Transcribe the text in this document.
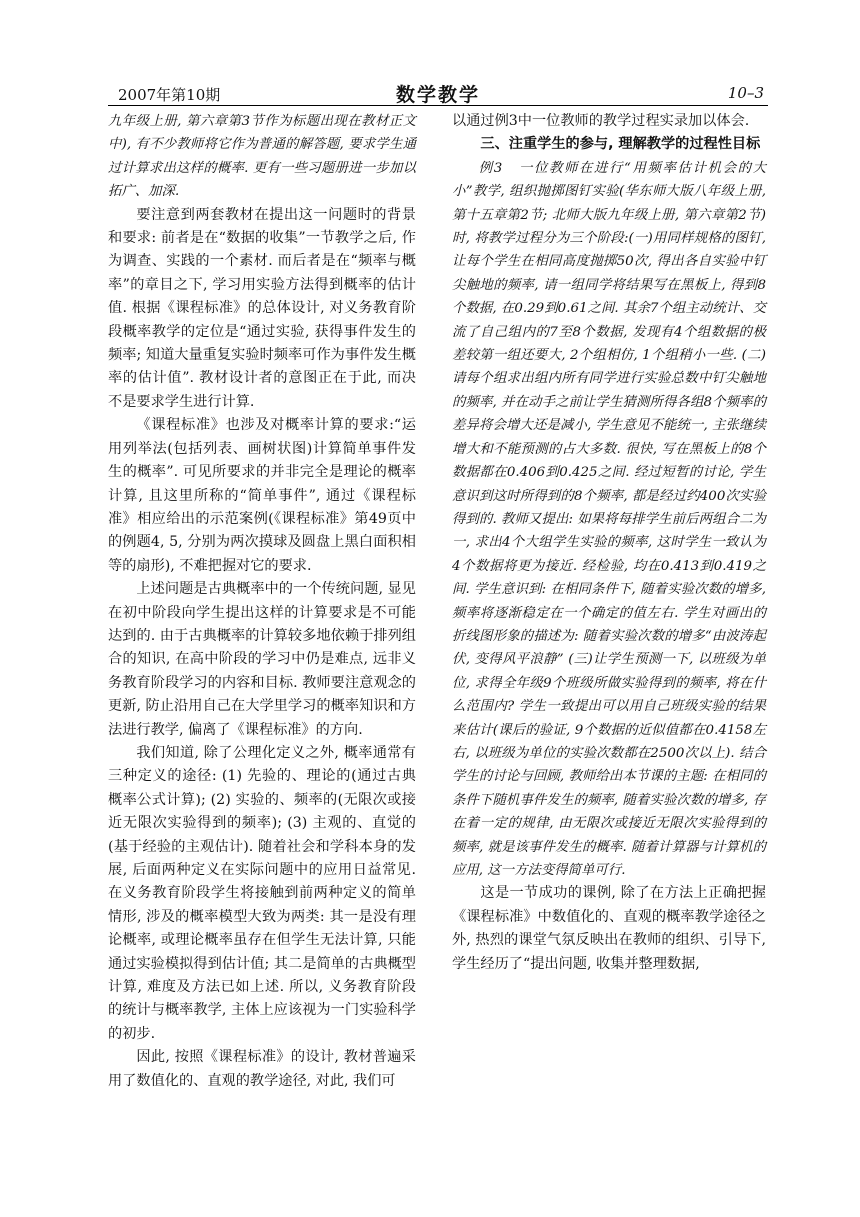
2007年第10期	数学教学	10–3

九年级上册, 第六章第3节作为标题出现在教材正文中), 有不少教师将它作为普通的解答题, 要求学生通过计算求出这样的概率. 更有一些习题册进一步加以拓广、加深.

要注意到两套教材在提出这一问题时的背景和要求: 前者是在“数据的收集”一节教学之后, 作为调查、实践的一个素材. 而后者是在“频率与概率”的章目之下, 学习用实验方法得到概率的估计值. 根据《课程标准》的总体设计, 对义务教育阶段概率教学的定位是“通过实验, 获得事件发生的频率; 知道大量重复实验时频率可作为事件发生概率的估计值”. 教材设计者的意图正在于此, 而决不是要求学生进行计算.

《课程标准》也涉及对概率计算的要求:“运用列举法(包括列表、画树状图)计算简单事件发生的概率”. 可见所要求的并非完全是理论的概率计算, 且这里所称的“简单事件”, 通过《课程标准》相应给出的示范案例(《课程标准》第49页中的例题4, 5, 分别为两次摸球及圆盘上黑白面积相等的扇形), 不难把握对它的要求.

上述问题是古典概率中的一个传统问题, 显见在初中阶段向学生提出这样的计算要求是不可能达到的. 由于古典概率的计算较多地依赖于排列组合的知识, 在高中阶段的学习中仍是难点, 远非义务教育阶段学习的内容和目标. 教师要注意观念的更新, 防止沿用自己在大学里学习的概率知识和方法进行教学, 偏离了《课程标准》的方向.

我们知道, 除了公理化定义之外, 概率通常有三种定义的途径: (1) 先验的、理论的(通过古典概率公式计算); (2) 实验的、频率的(无限次或接近无限次实验得到的频率); (3) 主观的、直觉的(基于经验的主观估计). 随着社会和学科本身的发展, 后面两种定义在实际问题中的应用日益常见. 在义务教育阶段学生将接触到前两种定义的简单情形, 涉及的概率模型大致为两类: 其一是没有理论概率, 或理论概率虽存在但学生无法计算, 只能通过实验模拟得到估计值; 其二是简单的古典概型计算, 难度及方法已如上述. 所以, 义务教育阶段的统计与概率教学, 主体上应该视为一门实验科学的初步.

因此, 按照《课程标准》的设计, 教材普遍采用了数值化的、直观的教学途径, 对此, 我们可

以通过例3中一位教师的教学过程实录加以体会.

三、注重学生的参与, 理解教学的过程性目标

例3　一位教师在进行“用频率估计机会的大小”教学, 组织抛掷图钉实验(华东师大版八年级上册, 第十五章第2节; 北师大版九年级上册, 第六章第2节)时, 将教学过程分为三个阶段:(一)用同样规格的图钉, 让每个学生在相同高度抛掷50次, 得出各自实验中钉尖触地的频率, 请一组同学将结果写在黑板上, 得到8个数据, 在0.29到0.61之间. 其余7个组主动统计、交流了自己组内的7至8个数据, 发现有4个组数据的极差较第一组还要大, 2个组相仿, 1个组稍小一些. (二)请每个组求出组内所有同学进行实验总数中钉尖触地的频率, 并在动手之前让学生猜测所得各组8个频率的差异将会增大还是减小, 学生意见不能统一, 主张继续增大和不能预测的占大多数. 很快, 写在黑板上的8个数据都在0.406到0.425之间. 经过短暂的讨论, 学生意识到这时所得到的8个频率, 都是经过约400次实验得到的. 教师又提出: 如果将每排学生前后两组合二为一, 求出4个大组学生实验的频率, 这时学生一致认为4个数据将更为接近. 经检验, 均在0.413到0.419之间. 学生意识到: 在相同条件下, 随着实验次数的增多, 频率将逐渐稳定在一个确定的值左右. 学生对画出的折线图形象的描述为: 随着实验次数的增多“由波涛起伏, 变得风平浪静” (三)让学生预测一下, 以班级为单位, 求得全年级9个班级所做实验得到的频率, 将在什么范围内? 学生一致提出可以用自己班级实验的结果来估计(课后的验证, 9个数据的近似值都在0.4158左右, 以班级为单位的实验次数都在2500次以上). 结合学生的讨论与回顾, 教师给出本节课的主题: 在相同的条件下随机事件发生的频率, 随着实验次数的增多, 存在着一定的规律, 由无限次或接近无限次实验得到的频率, 就是该事件发生的概率. 随着计算器与计算机的应用, 这一方法变得简单可行.

这是一节成功的课例, 除了在方法上正确把握《课程标准》中数值化的、直观的概率教学途径之外, 热烈的课堂气氛反映出在教师的组织、引导下, 学生经历了“提出问题, 收集并整理数据,
